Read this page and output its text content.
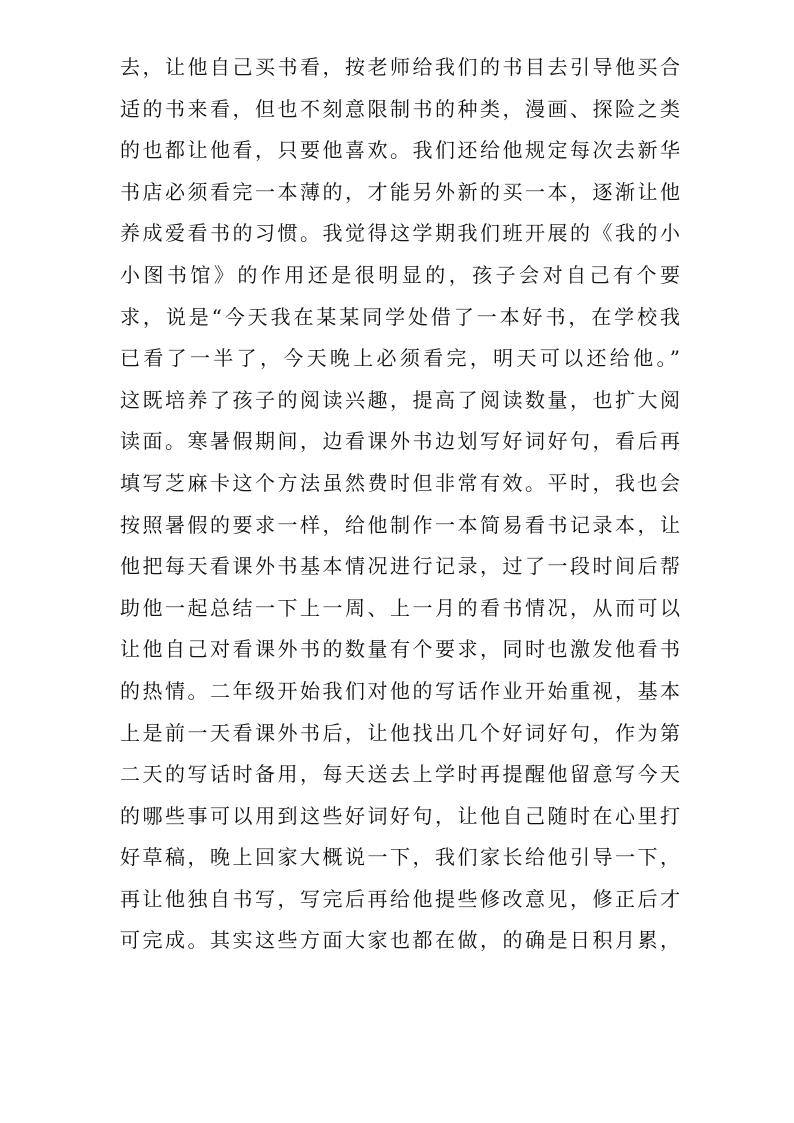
去，让他自己买书看，按老师给我们的书目去引导他买合
适的书来看，但也不刻意限制书的种类，漫画、探险之类
的也都让他看，只要他喜欢。我们还给他规定每次去新华
书店必须看完一本薄的，才能另外新的买一本，逐渐让他
养成爱看书的习惯。我觉得这学期我们班开展的《我的小
小图书馆》的作用还是很明显的，孩子会对自己有个要
求，说是“今天我在某某同学处借了一本好书，在学校我
已看了一半了，今天晚上必须看完，明天可以还给他。”
这既培养了孩子的阅读兴趣，提高了阅读数量，也扩大阅
读面。寒暑假期间，边看课外书边划写好词好句，看后再
填写芝麻卡这个方法虽然费时但非常有效。平时，我也会
按照暑假的要求一样，给他制作一本简易看书记录本，让
他把每天看课外书基本情况进行记录，过了一段时间后帮
助他一起总结一下上一周、上一月的看书情况，从而可以
让他自己对看课外书的数量有个要求，同时也激发他看书
的热情。二年级开始我们对他的写话作业开始重视，基本
上是前一天看课外书后，让他找出几个好词好句，作为第
二天的写话时备用，每天送去上学时再提醒他留意写今天
的哪些事可以用到这些好词好句，让他自己随时在心里打
好草稿，晚上回家大概说一下，我们家长给他引导一下，
再让他独自书写，写完后再给他提些修改意见，修正后才
可完成。其实这些方面大家也都在做，的确是日积月累，
